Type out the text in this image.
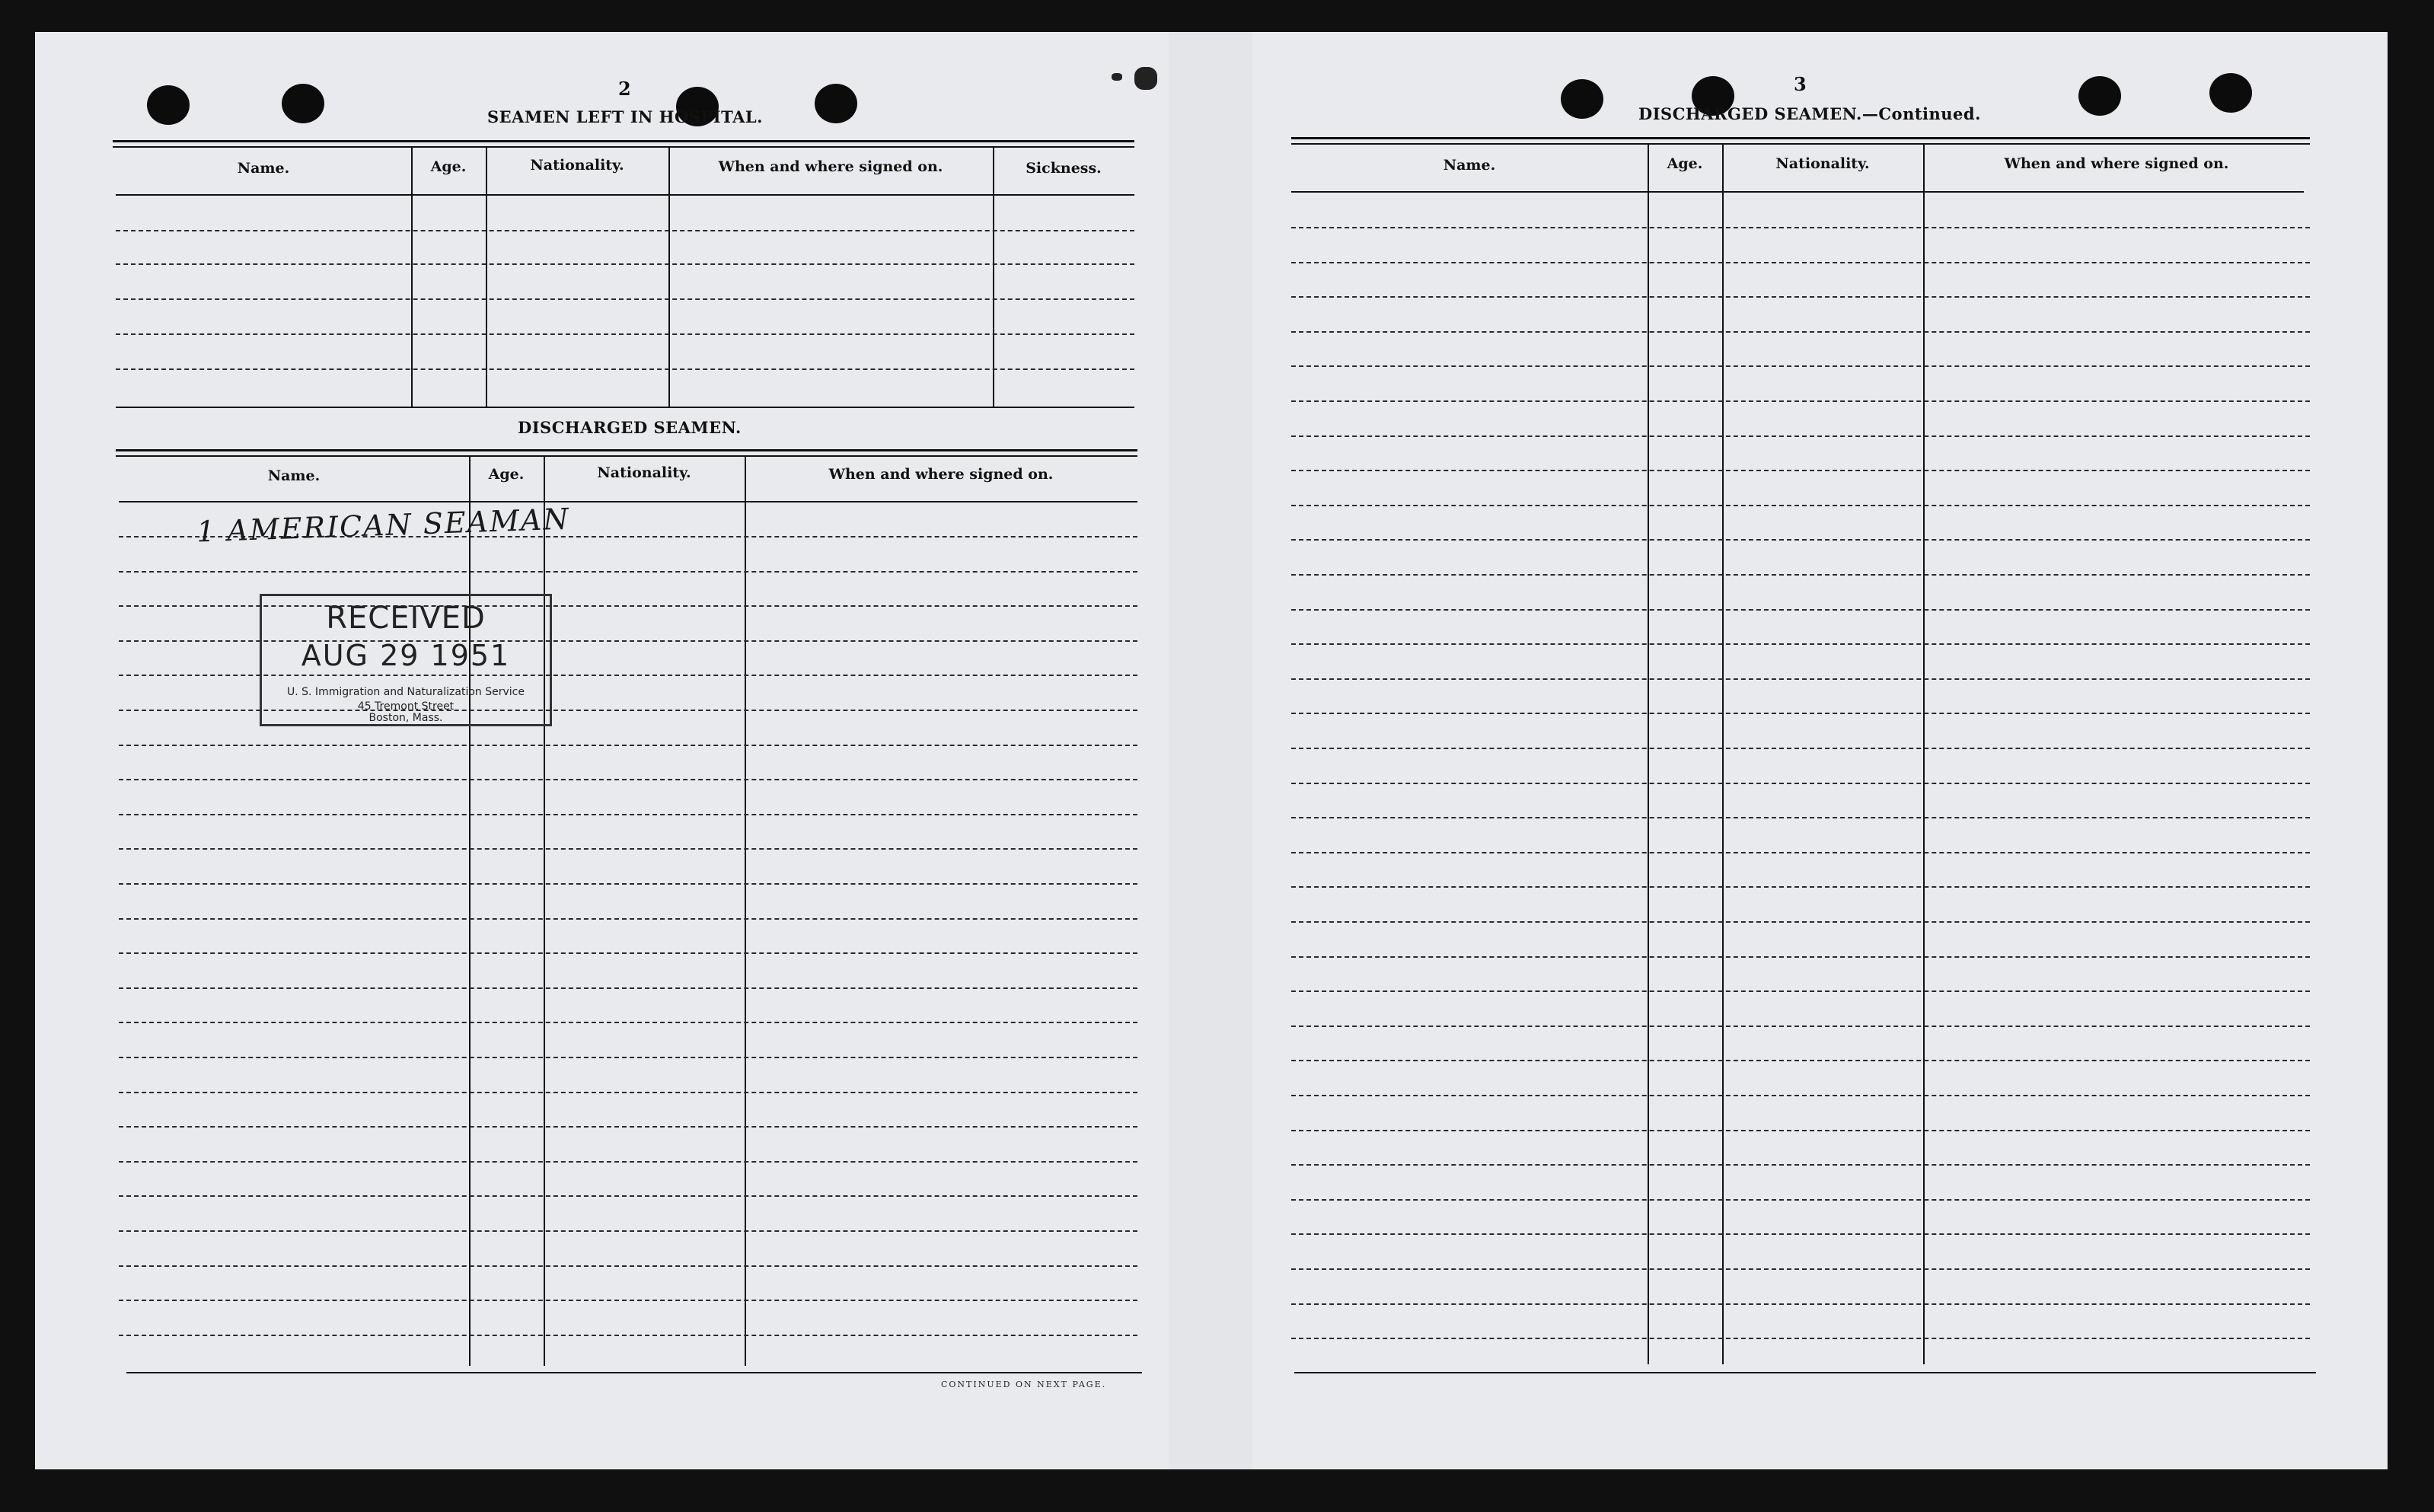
2
SEAMEN LEFT IN HOSPITAL.
Name.	Age.	Nationality.	When and where signed on.	Sickness.
DISCHARGED SEAMEN.
Name.	Age.	Nationality.	When and where signed on.
1 AMERICAN SEAMAN
RECEIVED
AUG 29 1951
U. S. Immigration and Naturalization Service
45 Tremont Street
Boston, Mass.
CONTINUED ON NEXT PAGE.
3
DISCHARGED SEAMEN.—Continued.
Name.	Age.	Nationality.	When and where signed on.
